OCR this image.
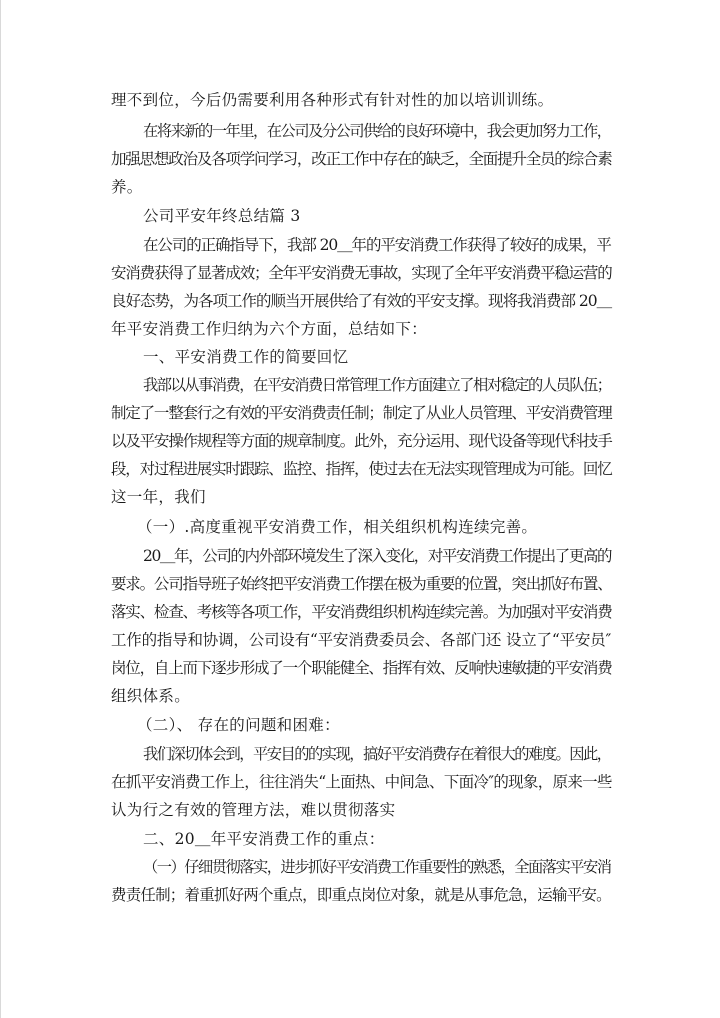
理不到位，今后仍需要利用各种形式有针对性的加以培训训练。
在将来新的一年里，在公司及分公司供给的良好环境中，我会更加努力工作，
加强思想政治及各项学问学习，改正工作中存在的缺乏，全面提升全员的综合素
养。
公司平安年终总结篇 3
在公司的正确指导下，我部 20＿年的平安消费工作获得了较好的成果，平
安消费获得了显著成效；全年平安消费无事故，实现了全年平安消费平稳运营的
良好态势，为各项工作的顺当开展供给了有效的平安支撑。现将我消费部 20＿
年平安消费工作归纳为六个方面，总结如下：
一、平安消费工作的简要回忆
我部以从事消费，在平安消费日常管理工作方面建立了相对稳定的人员队伍；
制定了一整套行之有效的平安消费责任制；制定了从业人员管理、平安消费管理
以及平安操作规程等方面的规章制度。此外，充分运用、现代设备等现代科技手
段，对过程进展实时跟踪、监控、指挥，使过去在无法实现管理成为可能。回忆
这一年，我们
（一）.高度重视平安消费工作，相关组织机构连续完善。
20＿年，公司的内外部环境发生了深入变化，对平安消费工作提出了更高的
要求。公司指导班子始终把平安消费工作摆在极为重要的位置，突出抓好布置、
落实、检查、考核等各项工作，平安消费组织机构连续完善。为加强对平安消费
工作的指导和协调，公司设有“平安消费委员会、各部门还 设立了“平安员″
岗位，自上而下逐步形成了一个职能健全、指挥有效、反响快速敏捷的平安消费
组织体系。
（二）、 存在的问题和困难：
我们深切体会到，平安目的的实现，搞好平安消费存在着很大的难度。因此，
在抓平安消费工作上，往往消失“上面热、中间急、下面冷″的现象，原来一些
认为行之有效的管理方法，难以贯彻落实
二、20＿年平安消费工作的重点：
（一）仔细贯彻落实，进步抓好平安消费工作重要性的熟悉，全面落实平安消
费责任制；着重抓好两个重点，即重点岗位对象，就是从事危急，运输平安。
